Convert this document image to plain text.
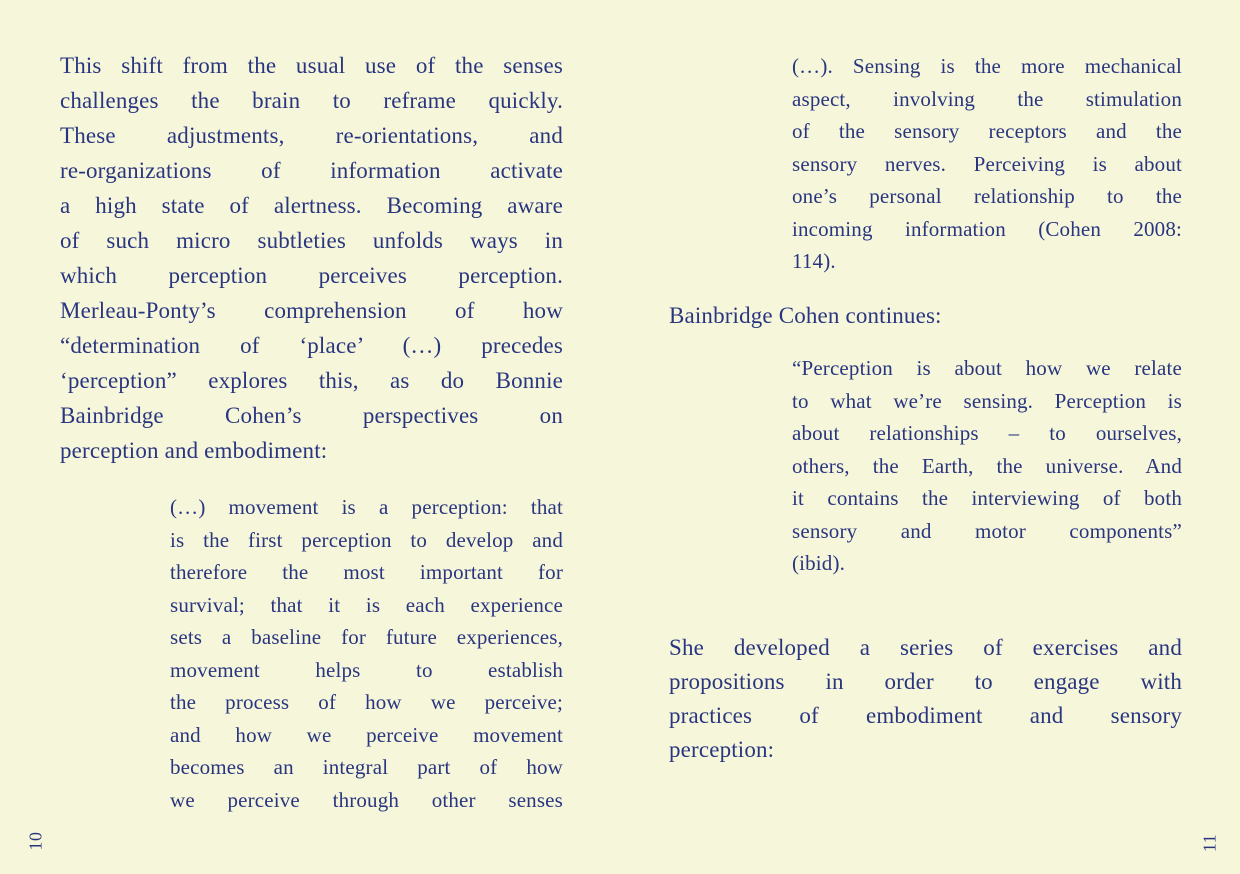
This shift from the usual use of the senses
challenges the brain to reframe quickly.
These adjustments, re-orientations, and
re-organizations of information activate
a high state of alertness. Becoming aware
of such micro subtleties unfolds ways in
which perception perceives perception.
Merleau-Ponty’s comprehension of how
“determination of ‘place’ (…) precedes
‘perception” explores this, as do Bonnie
Bainbridge Cohen’s perspectives on
perception and embodiment:
(…) movement is a perception: that
is the first perception to develop and
therefore the most important for
survival; that it is each experience
sets a baseline for future experiences,
movement helps to establish
the process of how we perceive;
and how we perceive movement
becomes an integral part of how
we perceive through other senses
10
(…). Sensing is the more mechanical
aspect, involving the stimulation
of the sensory receptors and the
sensory nerves. Perceiving is about
one’s personal relationship to the
incoming information (Cohen 2008:
114).
Bainbridge Cohen continues:
“Perception is about how we relate
to what we’re sensing. Perception is
about relationships – to ourselves,
others, the Earth, the universe. And
it contains the interviewing of both
sensory and motor components”
(ibid).
She developed a series of exercises and
propositions in order to engage with
practices of embodiment and sensory
perception:
11
